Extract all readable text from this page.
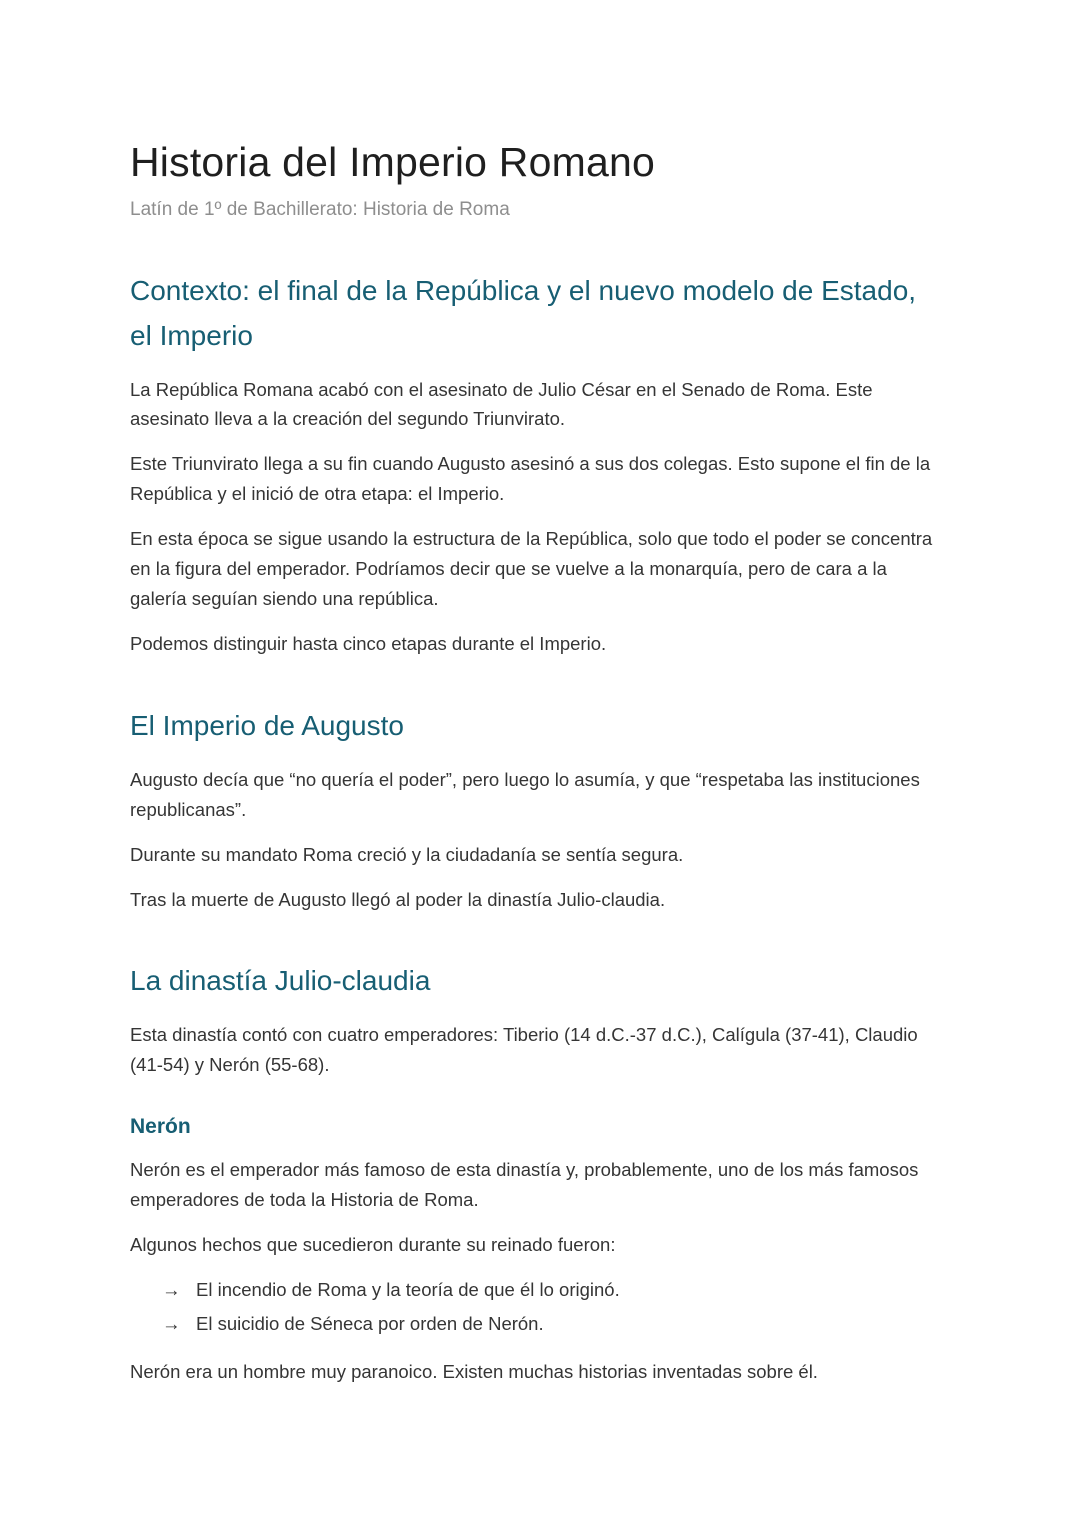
Historia del Imperio Romano

Latín de 1º de Bachillerato: Historia de Roma

Contexto: el final de la República y el nuevo modelo de Estado, el Imperio

La República Romana acabó con el asesinato de Julio César en el Senado de Roma. Este asesinato lleva a la creación del segundo Triunvirato.

Este Triunvirato llega a su fin cuando Augusto asesinó a sus dos colegas. Esto supone el fin de la República y el inició de otra etapa: el Imperio.

En esta época se sigue usando la estructura de la República, solo que todo el poder se concentra en la figura del emperador. Podríamos decir que se vuelve a la monarquía, pero de cara a la galería seguían siendo una república.

Podemos distinguir hasta cinco etapas durante el Imperio.

El Imperio de Augusto

Augusto decía que “no quería el poder”, pero luego lo asumía, y que “respetaba las instituciones republicanas”.

Durante su mandato Roma creció y la ciudadanía se sentía segura.

Tras la muerte de Augusto llegó al poder la dinastía Julio-claudia.

La dinastía Julio-claudia

Esta dinastía contó con cuatro emperadores: Tiberio (14 d.C.-37 d.C.), Calígula (37-41), Claudio (41-54) y Nerón (55-68).

Nerón

Nerón es el emperador más famoso de esta dinastía y, probablemente, uno de los más famosos emperadores de toda la Historia de Roma.

Algunos hechos que sucedieron durante su reinado fueron:

→ El incendio de Roma y la teoría de que él lo originó.
→ El suicidio de Séneca por orden de Nerón.

Nerón era un hombre muy paranoico. Existen muchas historias inventadas sobre él.
